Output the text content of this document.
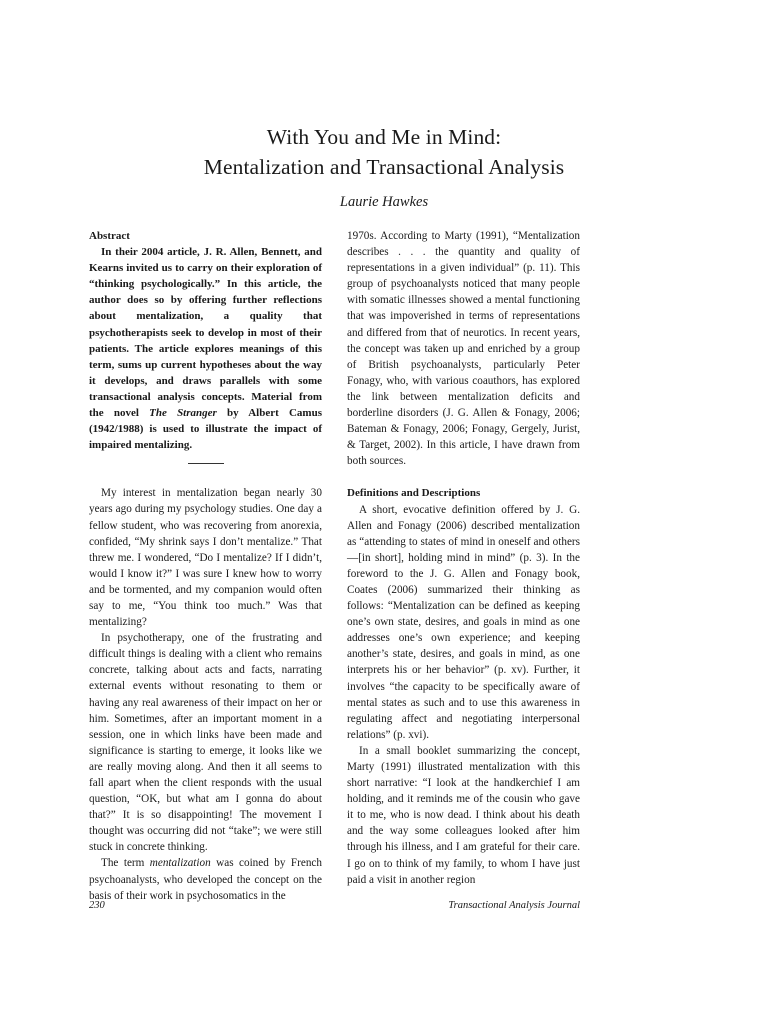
With You and Me in Mind:
Mentalization and Transactional Analysis
Laurie Hawkes
Abstract

In their 2004 article, J. R. Allen, Bennett, and Kearns invited us to carry on their exploration of “thinking psychologically.” In this article, the author does so by offering further reflections about mentalization, a quality that psychotherapists seek to develop in most of their patients. The article explores meanings of this term, sums up current hypotheses about the way it develops, and draws parallels with some transactional analysis concepts. Material from the novel The Stranger by Albert Camus (1942/1988) is used to illustrate the impact of impaired mentalizing.

My interest in mentalization began nearly 30 years ago during my psychology studies. One day a fellow student, who was recovering from anorexia, confided, “My shrink says I don’t mentalize.” That threw me. I wondered, “Do I mentalize? If I didn’t, would I know it?” I was sure I knew how to worry and be tormented, and my companion would often say to me, “You think too much.” Was that mentalizing?

In psychotherapy, one of the frustrating and difficult things is dealing with a client who remains concrete, talking about acts and facts, narrating external events without resonating to them or having any real awareness of their impact on her or him. Sometimes, after an important moment in a session, one in which links have been made and significance is starting to emerge, it looks like we are really moving along. And then it all seems to fall apart when the client responds with the usual question, “OK, but what am I gonna do about that?” It is so disappointing! The movement I thought was occurring did not “take”; we were still stuck in concrete thinking.

The term mentalization was coined by French psychoanalysts, who developed the concept on the basis of their work in psychosomatics in the

1970s. According to Marty (1991), “Mentalization describes . . . the quantity and quality of representations in a given individual” (p. 11). This group of psychoanalysts noticed that many people with somatic illnesses showed a mental functioning that was impoverished in terms of representations and differed from that of neurotics. In recent years, the concept was taken up and enriched by a group of British psychoanalysts, particularly Peter Fonagy, who, with various coauthors, has explored the link between mentalization deficits and borderline disorders (J. G. Allen & Fonagy, 2006; Bateman & Fonagy, 2006; Fonagy, Gergely, Jurist, & Target, 2002). In this article, I have drawn from both sources.

Definitions and Descriptions

A short, evocative definition offered by J. G. Allen and Fonagy (2006) described mentalization as “attending to states of mind in oneself and others—[in short], holding mind in mind” (p. 3). In the foreword to the J. G. Allen and Fonagy book, Coates (2006) summarized their thinking as follows: “Mentalization can be defined as keeping one’s own state, desires, and goals in mind as one addresses one’s own experience; and keeping another’s state, desires, and goals in mind, as one interprets his or her behavior” (p. xv). Further, it involves “the capacity to be specifically aware of mental states as such and to use this awareness in regulating affect and negotiating interpersonal relations” (p. xvi).

In a small booklet summarizing the concept, Marty (1991) illustrated mentalization with this short narrative: “I look at the handkerchief I am holding, and it reminds me of the cousin who gave it to me, who is now dead. I think about his death and the way some colleagues looked after him through his illness, and I am grateful for their care. I go on to think of my family, to whom I have just paid a visit in another region

230	Transactional Analysis Journal
